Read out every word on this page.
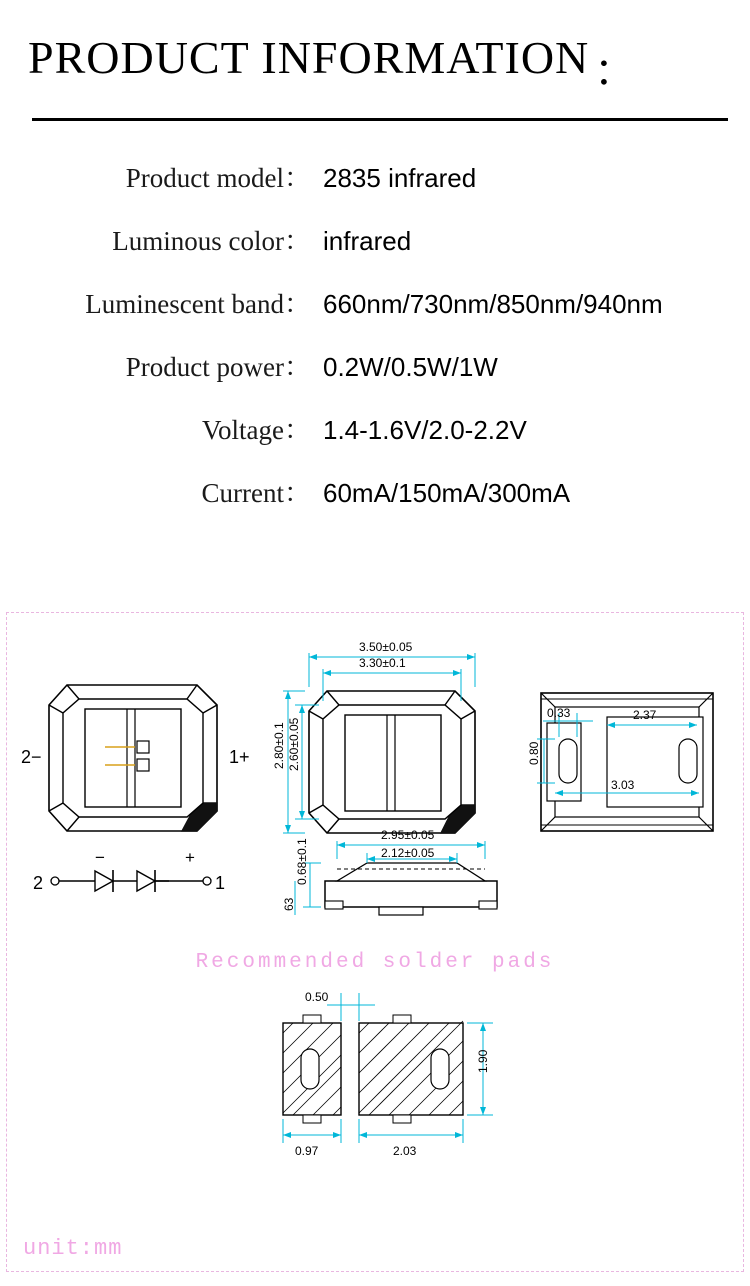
PRODUCT INFORMATION ：
Product model ： 2835 infrared
Luminous color ： infrared
Luminescent band ： 660nm/730nm/850nm/940nm
Product power ： 0.2W/0.5W/1W
Voltage ： 1.4-1.6V/2.0-2.2V
Current ： 60mA/150mA/300mA
2−	1+
2	1
−	+
3.50±0.05
3.30±0.1
2.80±0.1 2.60±0.05
2.95±0.05
2.12±0.05
0.68±0.1
63
0.33
0.80
2.37
3.03
0.50
0.97	2.03
1.90
Recommended solder pads
unit:mm
